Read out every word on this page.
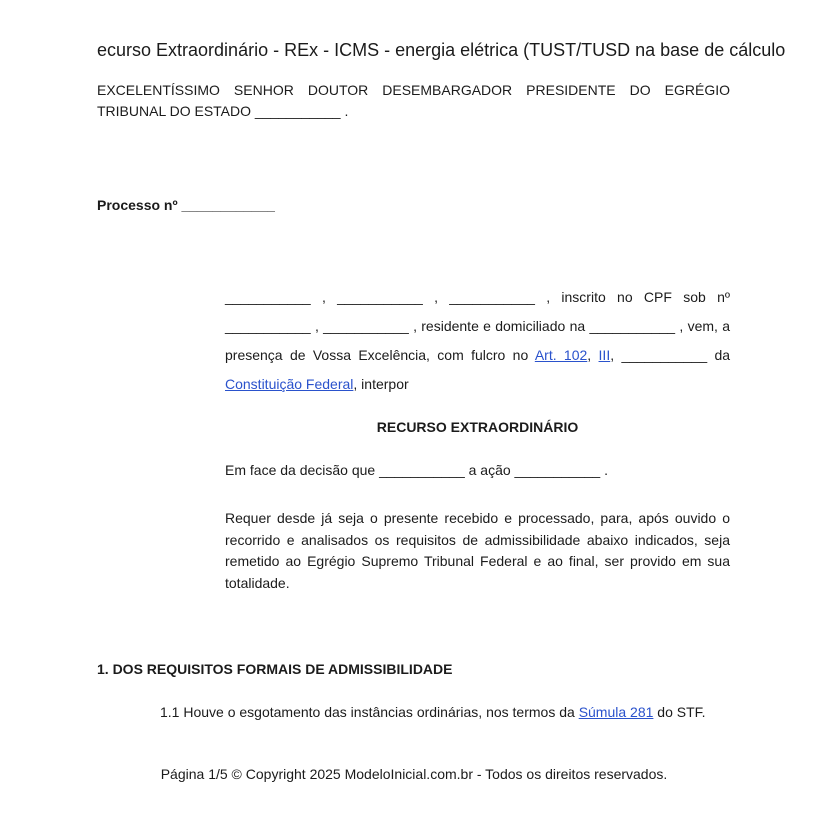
ecurso Extraordinário - REx - ICMS - energia elétrica (TUST/TUSD na base de cálculo

EXCELENTÍSSIMO SENHOR DOUTOR DESEMBARGADOR PRESIDENTE DO EGRÉGIO TRIBUNAL DO ESTADO ___________ .

Processo nº ____________

___________ , ___________ , ___________ , inscrito no CPF sob nº ___________ , ___________ , residente e domiciliado na ___________ , vem, a presença de Vossa Excelência, com fulcro no Art. 102, III, ___________ da Constituição Federal, interpor

RECURSO EXTRAORDINÁRIO

Em face da decisão que ___________ a ação ___________ .

Requer desde já seja o presente recebido e processado, para, após ouvido o recorrido e analisados os requisitos de admissibilidade abaixo indicados, seja remetido ao Egrégio Supremo Tribunal Federal e ao final, ser provido em sua totalidade.

1. DOS REQUISITOS FORMAIS DE ADMISSIBILIDADE

1.1 Houve o esgotamento das instâncias ordinárias, nos termos da Súmula 281 do STF.

Página 1/5 © Copyright 2025 ModeloInicial.com.br - Todos os direitos reservados.
